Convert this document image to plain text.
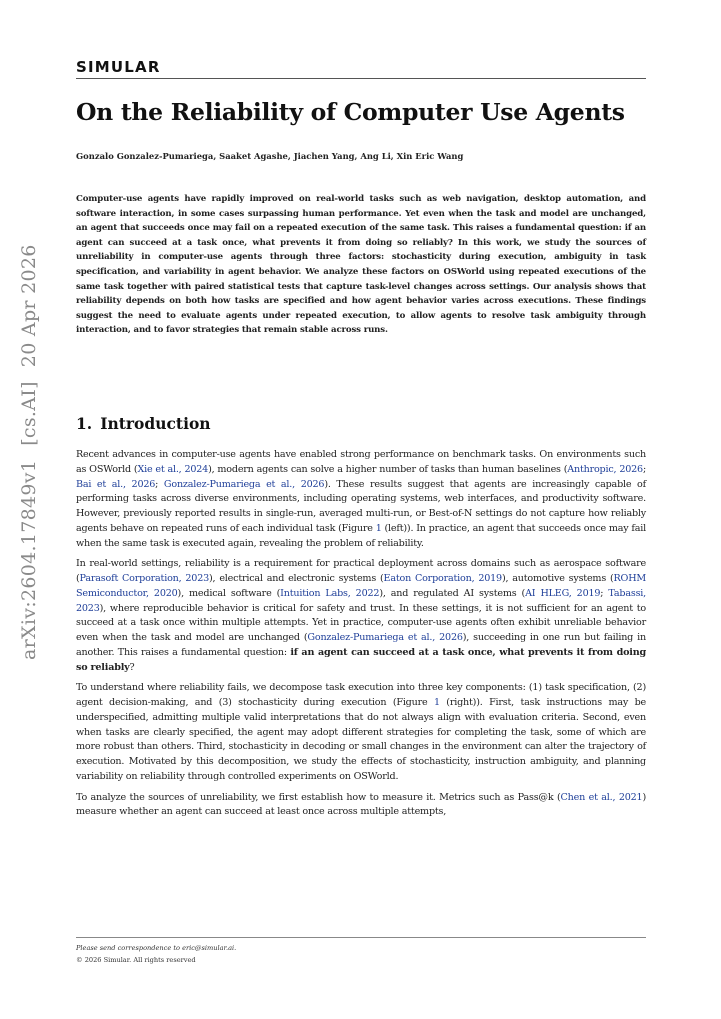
SIMULAR
On the Reliability of Computer Use Agents
Gonzalo Gonzalez-Pumariega, Saaket Agashe, Jiachen Yang, Ang Li, Xin Eric Wang

Computer-use agents have rapidly improved on real-world tasks such as web navigation, desktop automation, and software interaction, in some cases surpassing human performance. Yet even when the task and model are unchanged, an agent that succeeds once may fail on a repeated execution of the same task. This raises a fundamental question: if an agent can succeed at a task once, what prevents it from doing so reliably? In this work, we study the sources of unreliability in computer-use agents through three factors: stochasticity during execution, ambiguity in task specification, and variability in agent behavior. We analyze these factors on OSWorld using repeated executions of the same task together with paired statistical tests that capture task-level changes across settings. Our analysis shows that reliability depends on both how tasks are specified and how agent behavior varies across executions. These findings suggest the need to evaluate agents under repeated execution, to allow agents to resolve task ambiguity through interaction, and to favor strategies that remain stable across runs.

1. Introduction

Recent advances in computer-use agents have enabled strong performance on benchmark tasks. On environments such as OSWorld (Xie et al., 2024), modern agents can solve a higher number of tasks than human baselines (Anthropic, 2026; Bai et al., 2026; Gonzalez-Pumariega et al., 2026). These results suggest that agents are increasingly capable of performing tasks across diverse environments, including operating systems, web interfaces, and productivity software. However, previously reported results in single-run, averaged multi-run, or Best-of-N settings do not capture how reliably agents behave on repeated runs of each individual task (Figure 1 (left)). In practice, an agent that succeeds once may fail when the same task is executed again, revealing the problem of reliability.

In real-world settings, reliability is a requirement for practical deployment across domains such as aerospace software (Parasoft Corporation, 2023), electrical and electronic systems (Eaton Corporation, 2019), automotive systems (ROHM Semiconductor, 2020), medical software (Intuition Labs, 2022), and regulated AI systems (AI HLEG, 2019; Tabassi, 2023), where reproducible behavior is critical for safety and trust. In these settings, it is not sufficient for an agent to succeed at a task once within multiple attempts. Yet in practice, computer-use agents often exhibit unreliable behavior even when the task and model are unchanged (Gonzalez-Pumariega et al., 2026), succeeding in one run but failing in another. This raises a fundamental question: if an agent can succeed at a task once, what prevents it from doing so reliably?

To understand where reliability fails, we decompose task execution into three key components: (1) task specification, (2) agent decision-making, and (3) stochasticity during execution (Figure 1 (right)). First, task instructions may be underspecified, admitting multiple valid interpretations that do not always align with evaluation criteria. Second, even when tasks are clearly specified, the agent may adopt different strategies for completing the task, some of which are more robust than others. Third, stochasticity in decoding or small changes in the environment can alter the trajectory of execution. Motivated by this decomposition, we study the effects of stochasticity, instruction ambiguity, and planning variability on reliability through controlled experiments on OSWorld.

To analyze the sources of unreliability, we first establish how to measure it. Metrics such as Pass@k (Chen et al., 2021) measure whether an agent can succeed at least once across multiple attempts,

arXiv:2604.17849v1[cs.AI]20 Apr 2026
Please send correspondence to eric@simular.ai.
© 2026 Simular. All rights reserved
